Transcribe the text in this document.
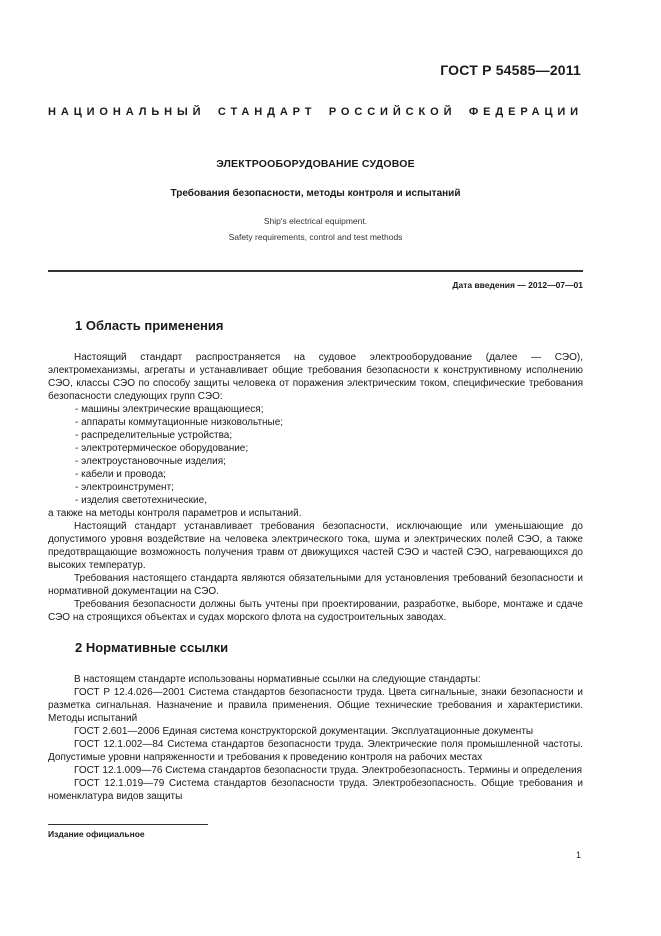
ГОСТ Р 54585—2011
НАЦИОНАЛЬНЫЙ СТАНДАРТ РОССИЙСКОЙ ФЕДЕРАЦИИ
ЭЛЕКТРООБОРУДОВАНИЕ СУДОВОЕ
Требования безопасности, методы контроля и испытаний
Ship's electrical equipment.
Safety requirements, control and test methods
Дата введения — 2012—07—01
1 Область применения

Настоящий стандарт распространяется на судовое электрооборудование (далее — СЭО), электромеханизмы, агрегаты и устанавливает общие требования безопасности к конструктивному исполнению СЭО, классы СЭО по способу защиты человека от поражения электрическим током, специфические требования безопасности следующих групп СЭО:

- машины электрические вращающиеся;
- аппараты коммутационные низковольтные;
- распределительные устройства;
- электротермическое оборудование;
- электроустановочные изделия;
- кабели и провода;
- электроинструмент;
- изделия светотехнические,

а также на методы контроля параметров и испытаний.

Настоящий стандарт устанавливает требования безопасности, исключающие или уменьшающие до допустимого уровня воздействие на человека электрического тока, шума и электрических полей СЭО, а также предотвращающие возможность получения травм от движущихся частей СЭО и частей СЭО, нагревающихся до высоких температур.

Требования настоящего стандарта являются обязательными для установления требований безопасности и нормативной документации на СЭО.

Требования безопасности должны быть учтены при проектировании, разработке, выборе, монтаже и сдаче СЭО на строящихся объектах и судах морского флота на судостроительных заводах.

2 Нормативные ссылки

В настоящем стандарте использованы нормативные ссылки на следующие стандарты:

ГОСТ Р 12.4.026—2001 Система стандартов безопасности труда. Цвета сигнальные, знаки безопасности и разметка сигнальная. Назначение и правила применения. Общие технические требования и характеристики. Методы испытаний

ГОСТ 2.601—2006 Единая система конструкторской документации. Эксплуатационные документы

ГОСТ 12.1.002—84 Система стандартов безопасности труда. Электрические поля промышленной частоты. Допустимые уровни напряженности и требования к проведению контроля на рабочих местах

ГОСТ 12.1.009—76 Система стандартов безопасности труда. Электробезопасность. Термины и определения

ГОСТ 12.1.019—79 Система стандартов безопасности труда. Электробезопасность. Общие требования и номенклатура видов защиты

Издание официальное
1
